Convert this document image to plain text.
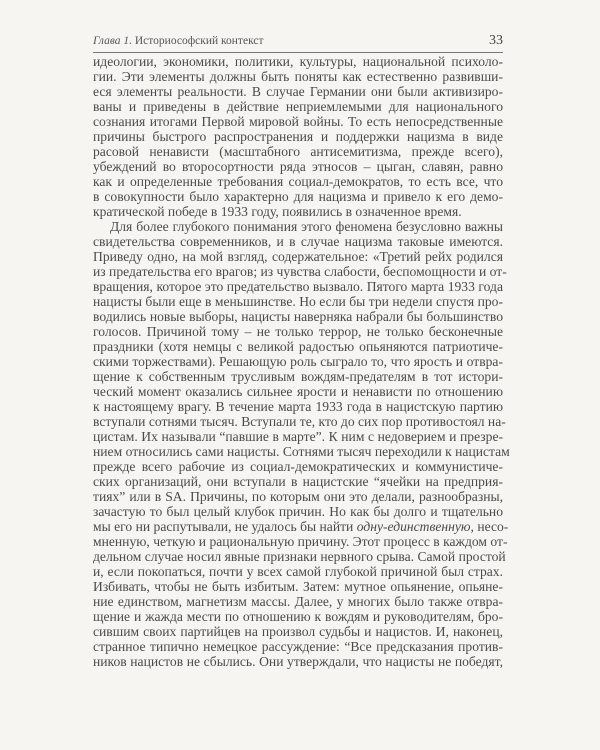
Глава 1. Историософский контекст	33
идеологии, экономики, политики, культуры, национальной психоло-
гии. Эти элементы должны быть поняты как естественно развивши-
еся элементы реальности. В случае Германии они были активизиро-
ваны и приведены в действие неприемлемыми для национального
сознания итогами Первой мировой войны. То есть непосредственные
причины быстрого распространения и поддержки нацизма в виде
расовой ненависти (масштабного антисемитизма, прежде всего),
убеждений во второсортности ряда этносов – цыган, славян, равно
как и определенные требования социал-демократов, то есть все, что
в совокупности было характерно для нацизма и привело к его демо-
кратической победе в 1933 году, появились в означенное время.
Для более глубокого понимания этого феномена безусловно важны
свидетельства современников, и в случае нацизма таковые имеются.
Приведу одно, на мой взгляд, содержательное: «Третий рейх родился
из предательства его врагов; из чувства слабости, беспомощности и от-
вращения, которое это предательство вызвало. Пятого марта 1933 года
нацисты были еще в меньшинстве. Но если бы три недели спустя про-
водились новые выборы, нацисты наверняка набрали бы большинство
голосов. Причиной тому – не только террор, не только бесконечные
праздники (хотя немцы с великой радостью опьяняются патриотиче-
скими торжествами). Решающую роль сыграло то, что ярость и отвра-
щение к собственным трусливым вождям-предателям в тот истори-
ческий момент оказались сильнее ярости и ненависти по отношению
к настоящему врагу. В течение марта 1933 года в нацистскую партию
вступали сотнями тысяч. Вступали те, кто до сих пор противостоял на-
цистам. Их называли “павшие в марте”. К ним с недоверием и презре-
нием относились сами нацисты. Сотнями тысяч переходили к нацистам
прежде всего рабочие из социал-демократических и коммунистиче-
ских организаций, они вступали в нацистские “ячейки на предприя-
тиях” или в SA. Причины, по которым они это делали, разнообразны,
зачастую то был целый клубок причин. Но как бы долго и тщательно
мы его ни распутывали, не удалось бы найти одну-единственную, несо-
мненную, четкую и рациональную причину. Этот процесс в каждом от-
дельном случае носил явные признаки нервного срыва. Самой простой
и, если покопаться, почти у всех самой глубокой причиной был страх.
Избивать, чтобы не быть избитым. Затем: мутное опьянение, опьяне-
ние единством, магнетизм массы. Далее, у многих было также отвра-
щение и жажда мести по отношению к вождям и руководителям, бро-
сившим своих партийцев на произвол судьбы и нацистов. И, наконец,
странное типично немецкое рассуждение: “Все предсказания против-
ников нацистов не сбылись. Они утверждали, что нацисты не победят,
